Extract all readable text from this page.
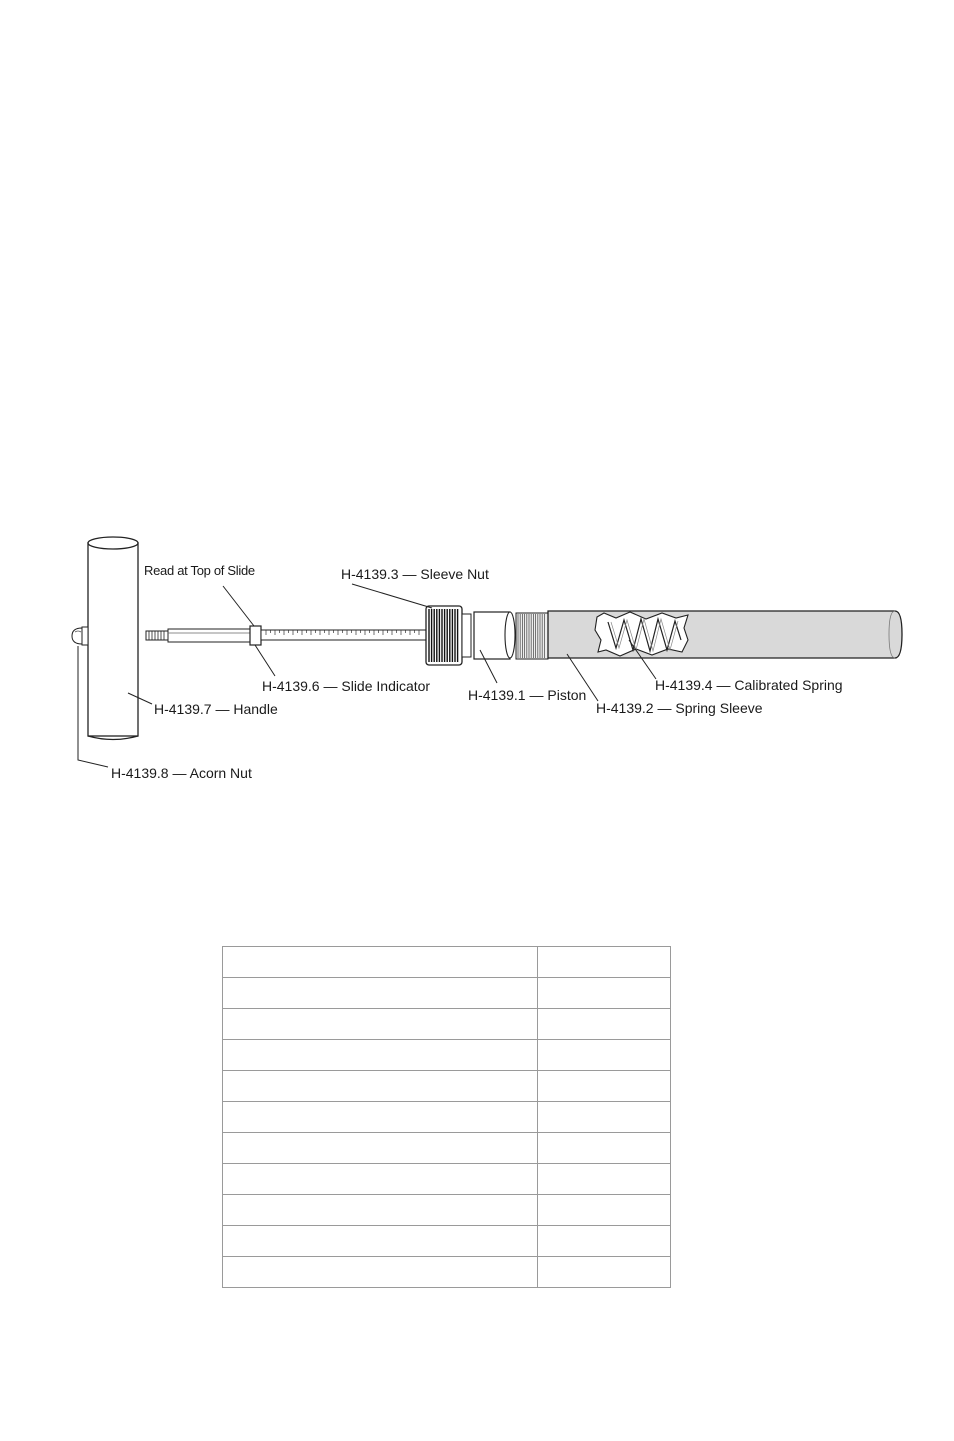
Read at Top of Slide	H-4139.3 — Sleeve Nut
H-4139.6 — Slide Indicator
H-4139.1 — Piston
H-4139.4 — Calibrated Spring
H-4139.2 — Spring Sleeve
H-4139.7 — Handle
H-4139.8 — Acorn Nut
